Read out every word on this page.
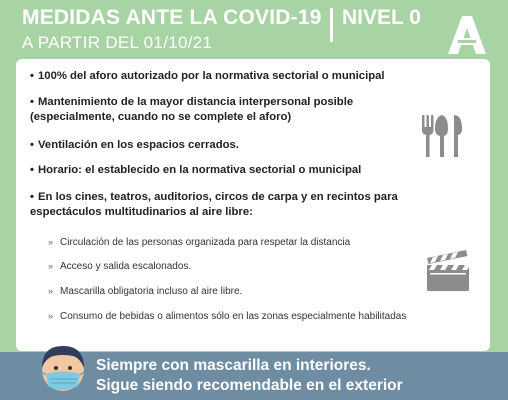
MEDIDAS ANTE LA COVID-19 NIVEL 0
A PARTIR DEL 01/10/21
• 100% del aforo autorizado por la normativa sectorial o municipal
• Mantenimiento de la mayor distancia interpersonal posible (especialmente, cuando no se complete el aforo)
• Ventilación en los espacios cerrados.
• Horario: el establecido en la normativa sectorial o municipal
• En los cines, teatros, auditorios, circos de carpa y en recintos para espectáculos multitudinarios al aire libre:
» Circulación de las personas organizada para respetar la distancia
» Acceso y salida escalonados.
» Mascarilla obligatoria incluso al aire libre.
» Consumo de bebidas o alimentos sólo en las zonas especialmente habilitadas
Siempre con mascarilla en interiores.
Sigue siendo recomendable en el exterior
